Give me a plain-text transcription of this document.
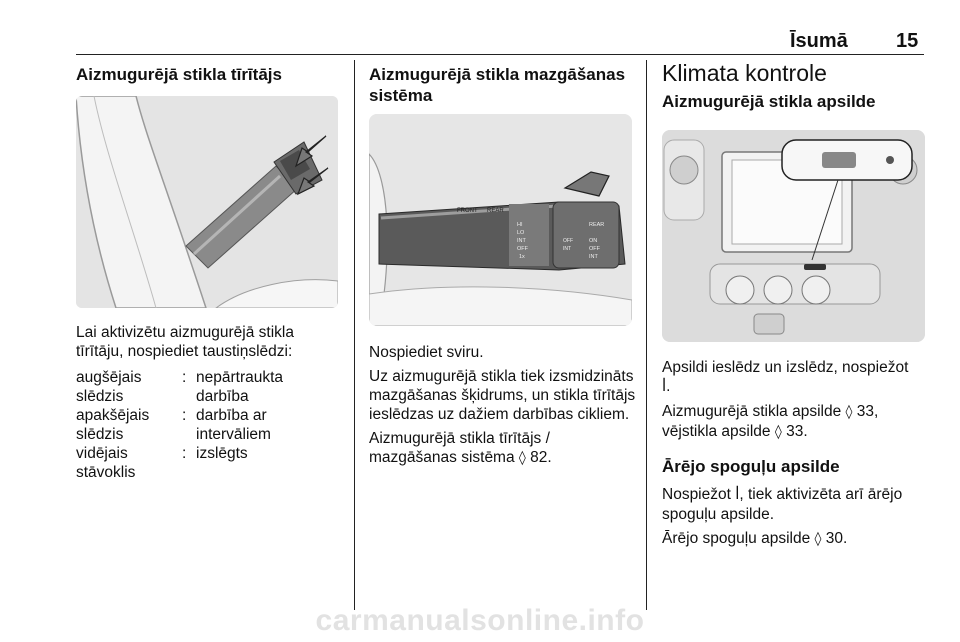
Īsumā 15
Aizmugurējā stikla tīrītājs

Lai aktivizētu aizmugurējā stikla tīrītāju, nospiediet taustiņslēdzi:

augšējais slēdzis	:	nepārtraukta darbība
apakšējais slēdzis	:	darbība ar intervāliem
vidējais stāvoklis	:	izslēgts
Aizmugurējā stikla mazgāšanas sistēma
FRONT REAR
HI
LO
INT
OFF
1x
REAR
ON
OFF
INT
OFF
INT

Nospiediet sviru.

Uz aizmugurējā stikla tiek izsmidzināts mazgāšanas šķidrums, un stikla tīrītājs ieslēdzas uz dažiem darbības cikliem.

Aizmugurējā stikla tīrītājs / mazgāšanas sistēma ◊ 82.

Klimata kontrole
Aizmugurējā stikla apsilde

Apsildi ieslēdz un izslēdz, nospiežot
ꟾ.

Aizmugurējā stikla apsilde ◊ 33,
vējstikla apsilde ◊ 33.

Ārējo spoguļu apsilde

Nospiežot ꟾ, tiek aktivizēta arī ārējo spoguļu apsilde.

Ārējo spoguļu apsilde ◊ 30.

carmanualsonline.info
